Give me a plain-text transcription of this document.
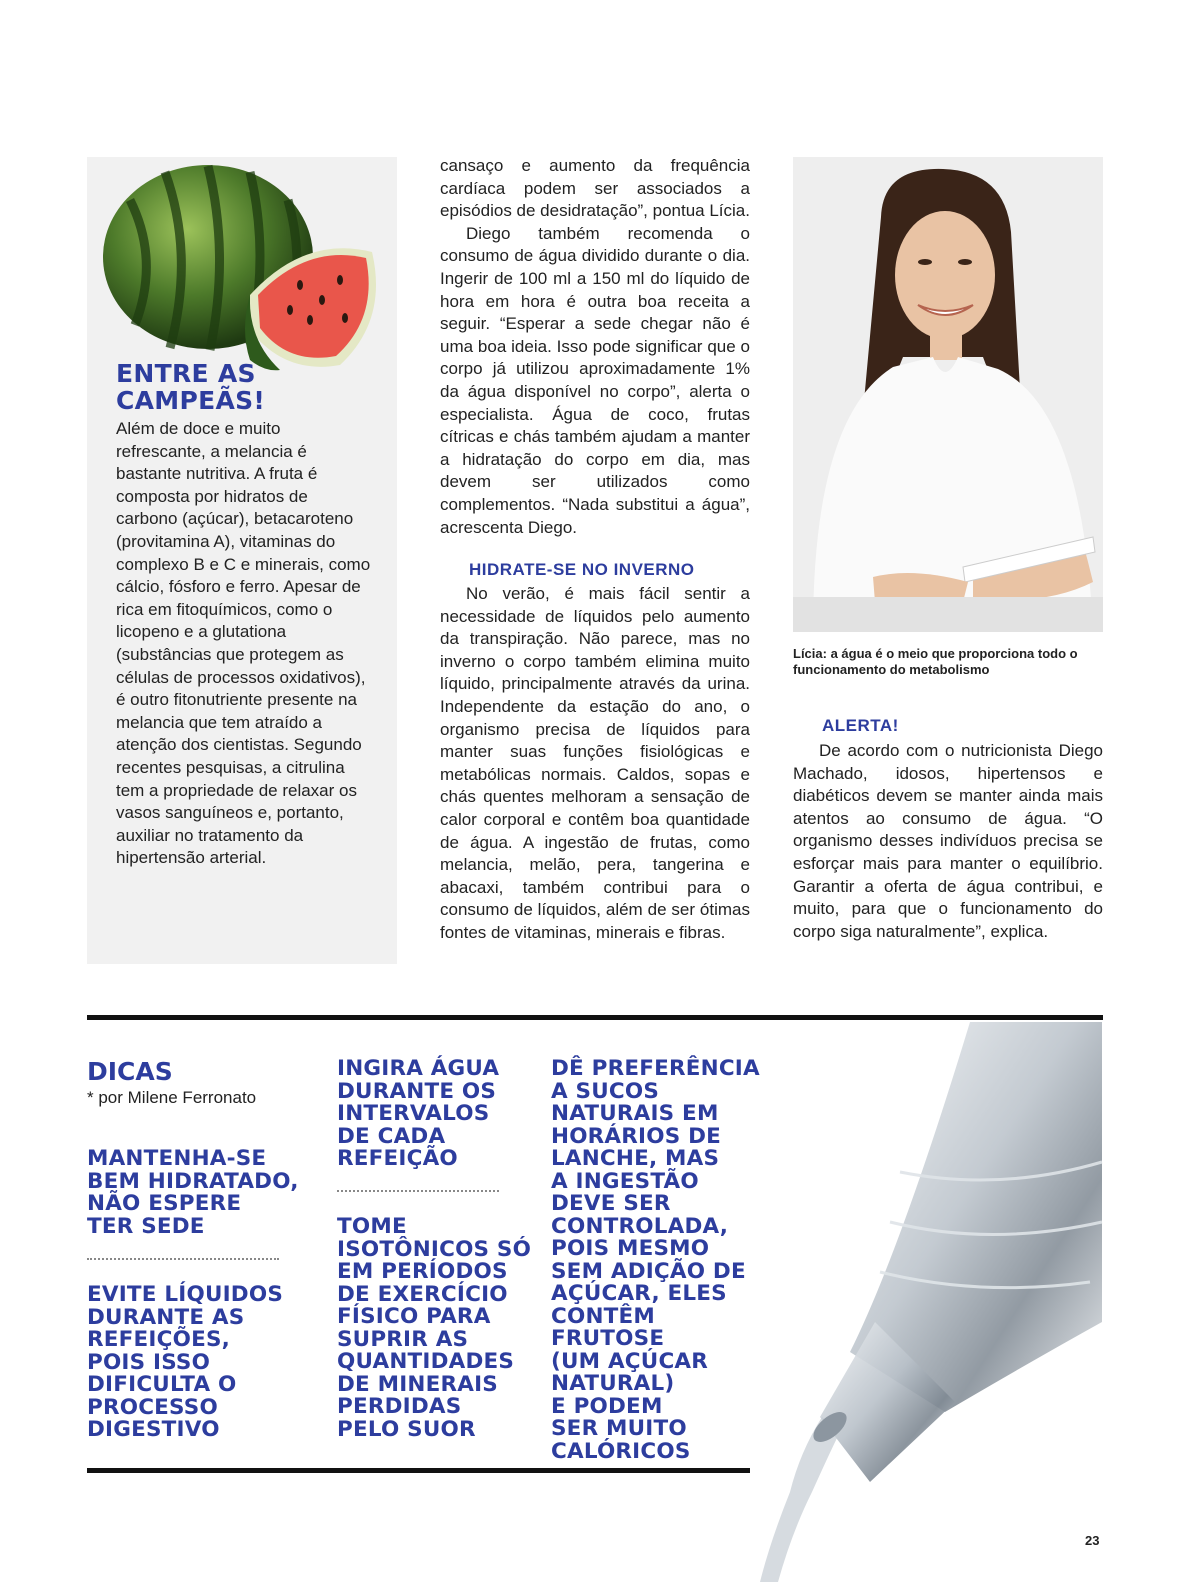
ENTRE AS
CAMPEÃS!

Além de doce e muito refrescante, a melancia é bastante nutritiva. A fruta é composta por hidratos de carbono (açúcar), betacaroteno (provitamina A), vitaminas do complexo B e C e minerais, como cálcio, fósforo e ferro. Apesar de rica em fitoquímicos, como o licopeno e a glutationa (substâncias que protegem as células de processos oxidativos), é outro fitonutriente presente na melancia que tem atraído a atenção dos cientistas. Segundo recentes pesquisas, a citrulina tem a propriedade de relaxar os vasos sanguíneos e, portanto, auxiliar no tratamento da hipertensão arterial.

cansaço e aumento da frequência cardíaca podem ser associados a episódios de desidratação”, pontua Lícia.

Diego também recomenda o consumo de água dividido durante o dia. Ingerir de 100 ml a 150 ml do líquido de hora em hora é outra boa receita a seguir. “Esperar a sede chegar não é uma boa ideia. Isso pode significar que o corpo já utilizou aproximadamente 1% da água disponível no corpo”, alerta o especialista. Água de coco, frutas cítricas e chás também ajudam a manter a hidratação do corpo em dia, mas devem ser utilizados como complementos. “Nada substitui a água”, acrescenta Diego.

HIDRATE-SE NO INVERNO

No verão, é mais fácil sentir a necessidade de líquidos pelo aumento da transpiração. Não parece, mas no inverno o corpo também elimina muito líquido, principalmente através da urina. Independente da estação do ano, o organismo precisa de líquidos para manter suas funções fisiológicas e metabólicas normais. Caldos, sopas e chás quentes melhoram a sensação de calor corporal e contêm boa quantidade de água. A ingestão de frutas, como melancia, melão, pera, tangerina e abacaxi, também contribui para o consumo de líquidos, além de ser ótimas fontes de vitaminas, minerais e fibras.

Lícia: a água é o meio que proporciona todo o funcionamento do metabolismo

ALERTA!

De acordo com o nutricionista Diego Machado, idosos, hipertensos e diabéticos devem se manter ainda mais atentos ao consumo de água. “O organismo desses indivíduos precisa se esforçar mais para manter o equilíbrio. Garantir a oferta de água contribui, e muito, para que o funcionamento do corpo siga naturalmente”, explica.

DICAS

* por Milene Ferronato

MANTENHA-SE
BEM HIDRATADO,
NÃO ESPERE
TER SEDE

EVITE LÍQUIDOS
DURANTE AS
REFEIÇÕES,
POIS ISSO
DIFICULTA O
PROCESSO
DIGESTIVO

INGIRA ÁGUA
DURANTE OS
INTERVALOS
DE CADA
REFEIÇÃO

TOME
ISOTÔNICOS SÓ
EM PERÍODOS
DE EXERCÍCIO
FÍSICO PARA
SUPRIR AS
QUANTIDADES
DE MINERAIS
PERDIDAS
PELO SUOR

DÊ PREFERÊNCIA
A SUCOS
NATURAIS EM
HORÁRIOS DE
LANCHE, MAS
A INGESTÃO
DEVE SER
CONTROLADA,
POIS MESMO
SEM ADIÇÃO DE
AÇÚCAR, ELES
CONTÊM FRUTOSE
(UM AÇÚCAR
NATURAL)
E PODEM
SER MUITO
CALÓRICOS

23
